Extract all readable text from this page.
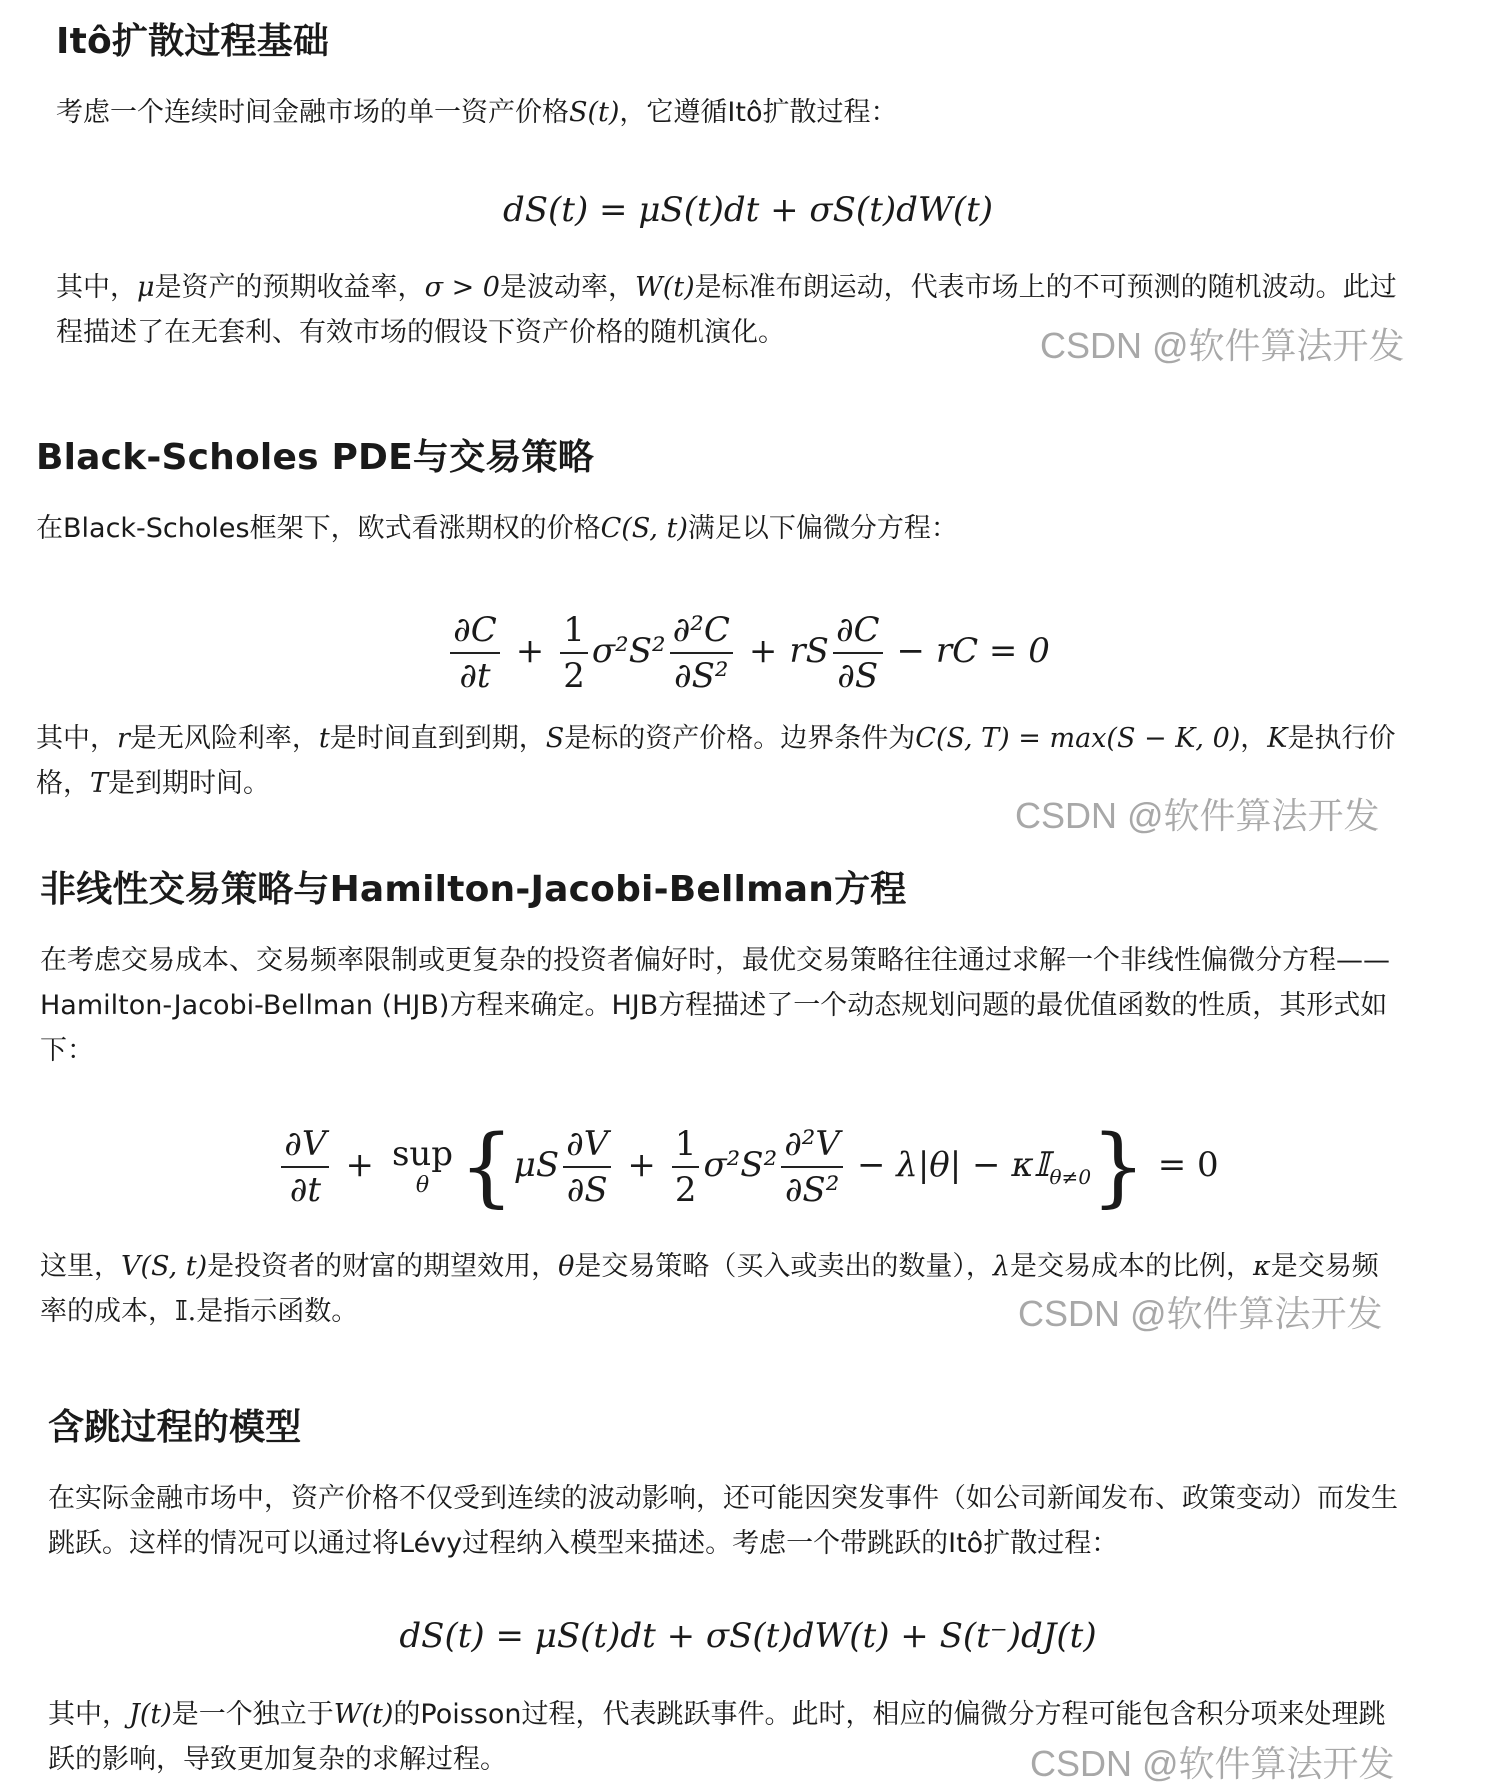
Itô扩散过程基础

考虑一个连续时间金融市场的单一资产价格S(t)，它遵循Itô扩散过程：

dS(t) = μS(t)dt + σS(t)dW(t)

其中，μ是资产的预期收益率，σ > 0是波动率，W(t)是标准布朗运动，代表市场上的不可预测的随机波动。此过程描述了在无套利、有效市场的假设下资产价格的随机演化。	CSDN @软件算法开发
Black-Scholes PDE与交易策略

在Black-Scholes框架下，欧式看涨期权的价格C(S, t)满足以下偏微分方程：

$\frac{\partial C}{\partial t} + \frac{1}{2} \sigma^2S^2 \frac{\text{∂²C}}{\text{∂S²}}$ + rS $\frac{\partial C}{\partial S}$ − rC = 0

其中，r是无风险利率，t是时间直到到期，S是标的资产价格。边界条件为C(S, T) = max(S − K, 0)，K是执行价格，T是到期时间。

CSDN @软件算法开发
非线性交易策略与Hamilton-Jacobi-Bellman方程

在考虑交易成本、交易频率限制或更复杂的投资者偏好时，最优交易策略往往通过求解一个非线性偏微分方程——Hamilton-Jacobi-Bellman (HJB)方程来确定。HJB方程描述了一个动态规划问题的最优值函数的性质，其形式如下：

$\frac{\partial V}{\partial t}$ + sup
θ {$\mu S \frac{\partial V}{\partial S} + \frac{1}{2} \sigma^2S^2 \frac{\text{∂²V}}{\text{∂S²}} - \lambda|\theta|$ − κ𝕀$_{\theta\ne 0}$} = 0

这里，V(S, t)是投资者的财富的期望效用，θ是交易策略（买入或卖出的数量），λ是交易成本的比例，κ是交易频率的成本，𝕀.是指示函数。	CSDN @软件算法开发
含跳过程的模型

在实际金融市场中，资产价格不仅受到连续的波动影响，还可能因突发事件（如公司新闻发布、政策变动）而发生跳跃。这样的情况可以通过将Lévy过程纳入模型来描述。考虑一个带跳跃的Itô扩散过程：

dS(t) = μS(t)dt + σS(t)dW(t) + S(t⁻)dJ(t)

其中，J(t)是一个独立于W(t)的Poisson过程，代表跳跃事件。此时，相应的偏微分方程可能包含积分项来处理跳跃的影响，导致更加复杂的求解过程。	CSDN @软件算法开发
